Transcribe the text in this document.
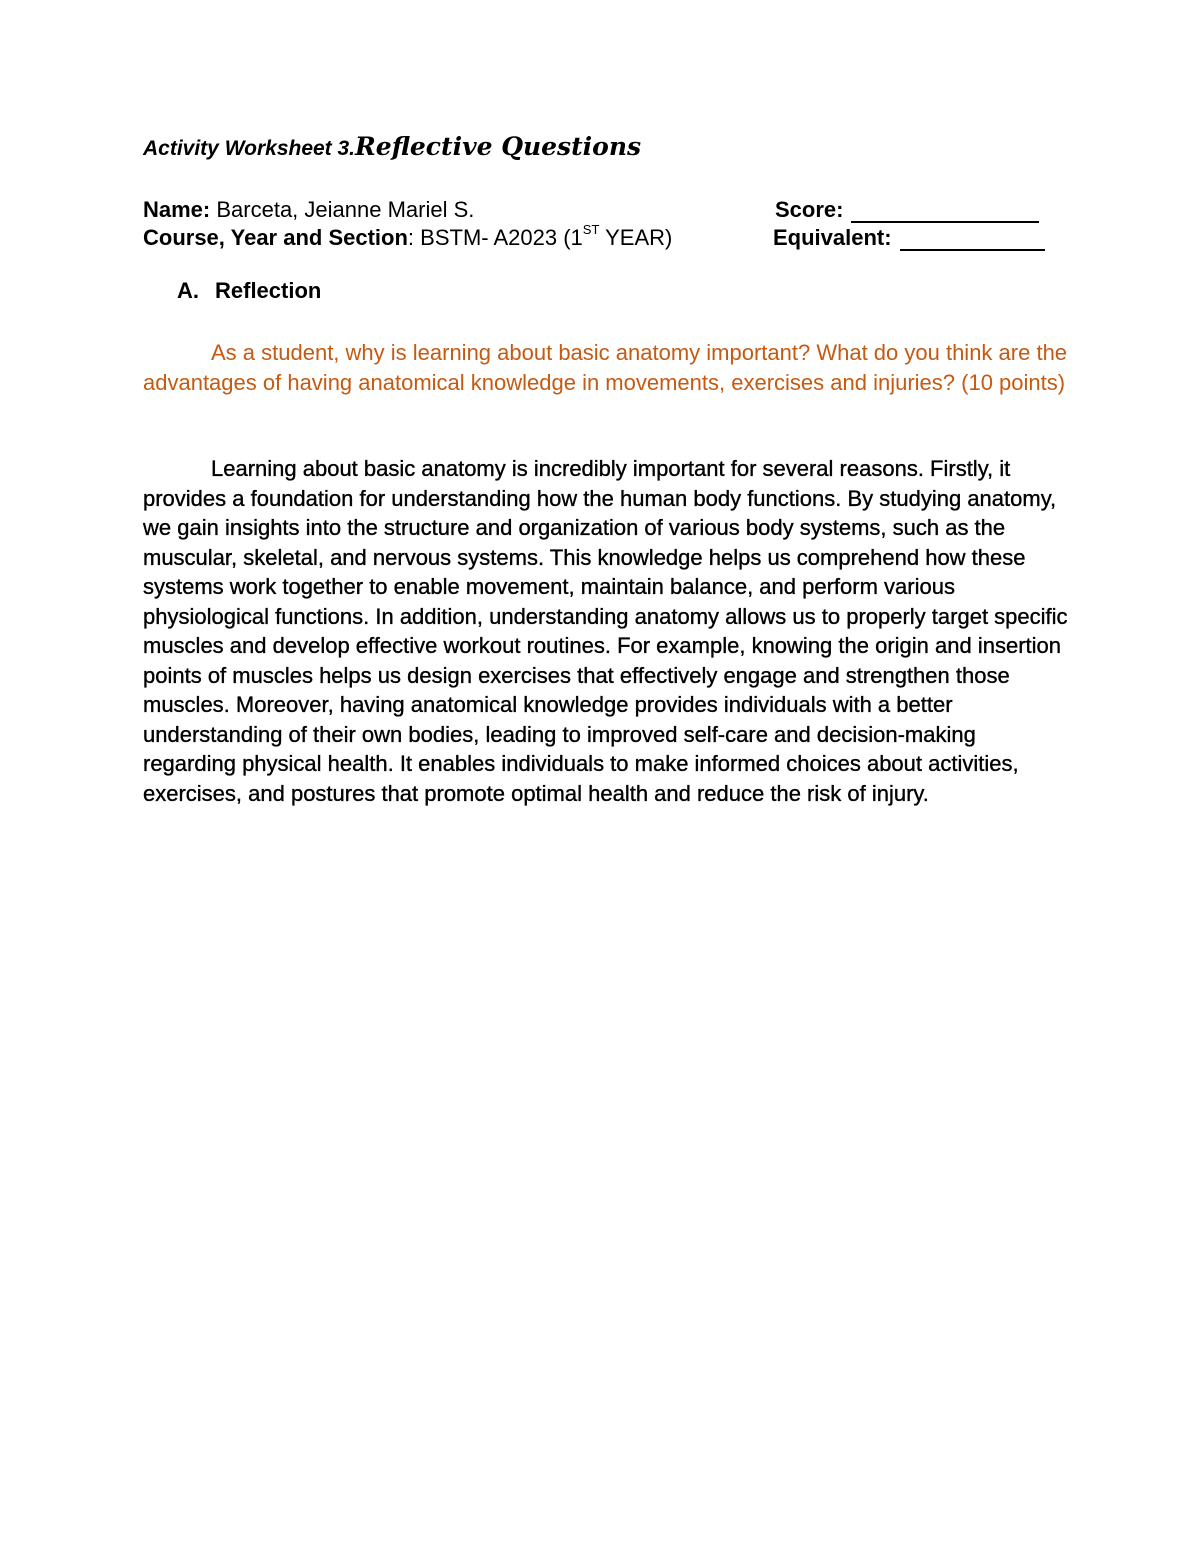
Activity Worksheet 3.Reflective Questions
Name: Barceta, Jeianne Mariel S.	Score:
Course, Year and Section: BSTM- A2023 (1ST YEAR)	Equivalent:
A. Reflection

As a student, why is learning about basic anatomy important? What do you think are the advantages of having anatomical knowledge in movements, exercises and injuries? (10 points)

Learning about basic anatomy is incredibly important for several reasons. Firstly, it provides a foundation for understanding how the human body functions. By studying anatomy, we gain insights into the structure and organization of various body systems, such as the muscular, skeletal, and nervous systems. This knowledge helps us comprehend how these systems work together to enable movement, maintain balance, and perform various physiological functions. In addition, understanding anatomy allows us to properly target specific muscles and develop effective workout routines. For example, knowing the origin and insertion points of muscles helps us design exercises that effectively engage and strengthen those muscles. Moreover, having anatomical knowledge provides individuals with a better understanding of their own bodies, leading to improved self-care and decision-making regarding physical health. It enables individuals to make informed choices about activities, exercises, and postures that promote optimal health and reduce the risk of injury.
